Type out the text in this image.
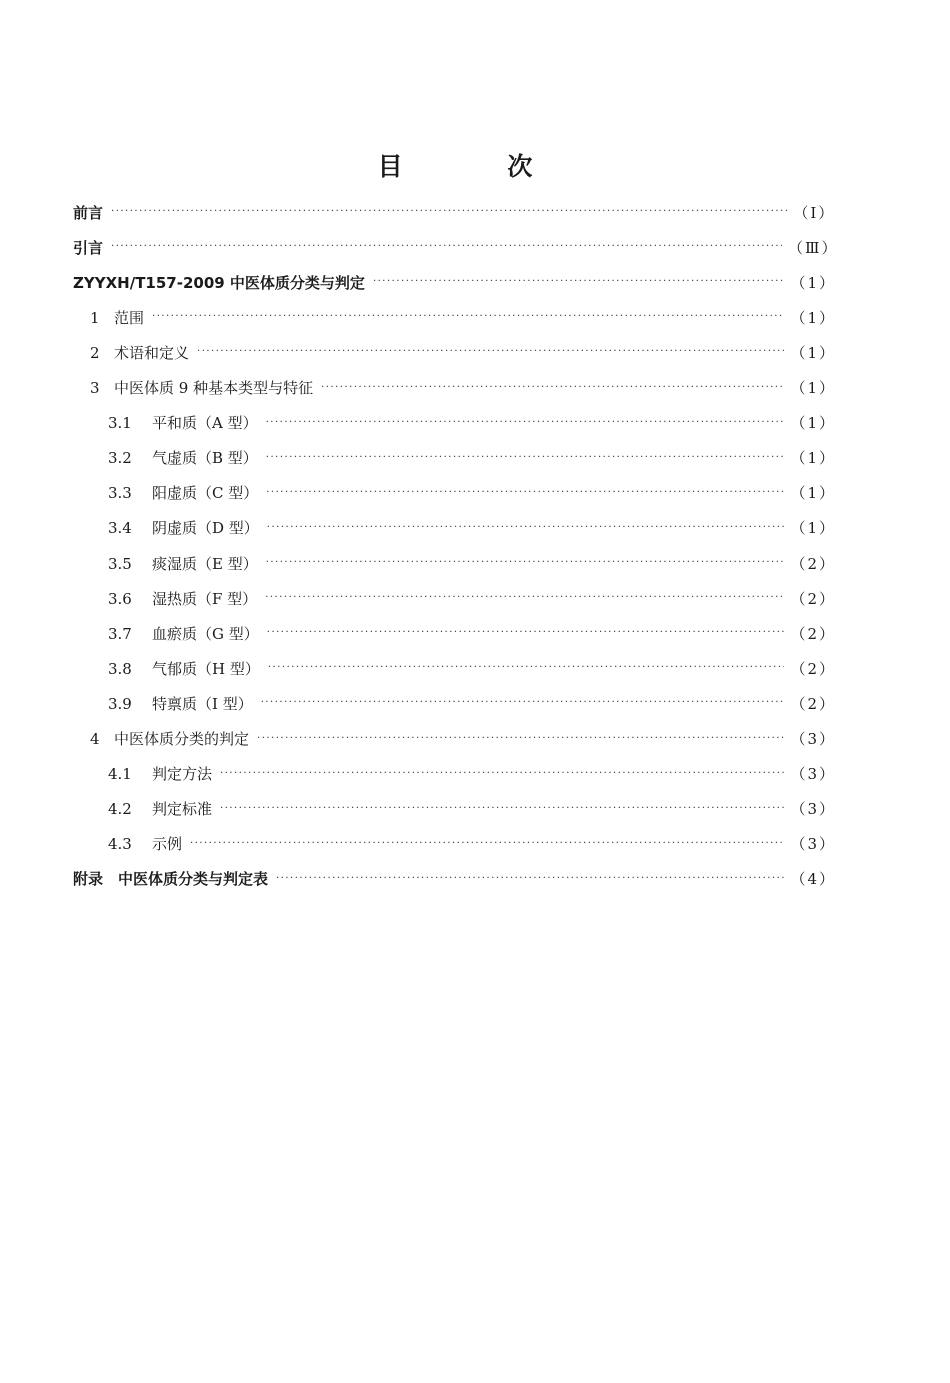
目 次
前言 ·····	（Ⅰ）
引言 ·····	（Ⅲ）
ZYYXH/T157-2009 中医体质分类与判定 ·····	（1）
1 范围 ·····	（1）
2 术语和定义 ·····	（1）
3 中医体质 9 种基本类型与特征 ·····	（1）
3.1 平和质（A 型） ·····	（1）
3.2 气虚质（B 型） ·····	（1）
3.3 阳虚质（C 型） ·····	（1）
3.4 阴虚质（D 型） ·····	（1）
3.5 痰湿质（E 型） ·····	（2）
3.6 湿热质（F 型） ·····	（2）
3.7 血瘀质（G 型） ·····	（2）
3.8 气郁质（H 型） ·····	（2）
3.9 特禀质（I 型） ·····	（2）
4 中医体质分类的判定 ·····	（3）
4.1 判定方法 ·····	（3）
4.2 判定标准 ·····	（3）
4.3 示例 ·····	（3）
附录　中医体质分类与判定表 ·····	（4）
